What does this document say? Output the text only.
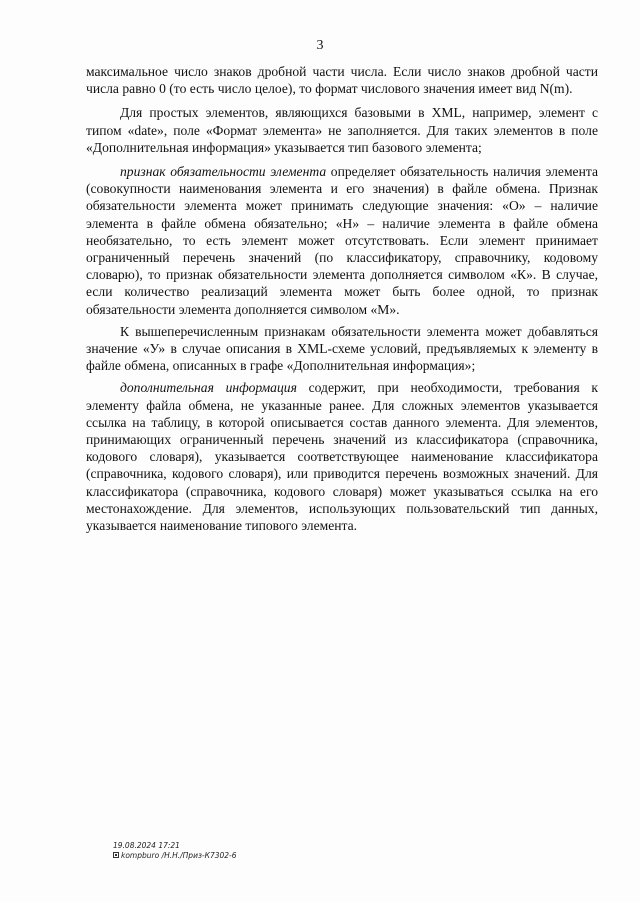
3

максимальное число знаков дробной части числа. Если число знаков дробной части числа равно 0 (то есть число целое), то формат числового значения имеет вид N(m).

Для простых элементов, являющихся базовыми в XML, например, элемент с типом «date», поле «Формат элемента» не заполняется. Для таких элементов в поле «Дополнительная информация» указывается тип базового элемента;

признак обязательности элемента определяет обязательность наличия элемента (совокупности наименования элемента и его значения) в файле обмена. Признак обязательности элемента может принимать следующие значения: «О» – наличие элемента в файле обмена обязательно; «Н» – наличие элемента в файле обмена необязательно, то есть элемент может отсутствовать. Если элемент принимает ограниченный перечень значений (по классификатору, справочнику, кодовому словарю), то признак обязательности элемента дополняется символом «К». В случае, если количество реализаций элемента может быть более одной, то признак обязательности элемента дополняется символом «М».

К вышеперечисленным признакам обязательности элемента может добавляться значение «У» в случае описания в XML-схеме условий, предъявляемых к элементу в файле обмена, описанных в графе «Дополнительная информация»;

дополнительная информация содержит, при необходимости, требования к элементу файла обмена, не указанные ранее. Для сложных элементов указывается ссылка на таблицу, в которой описывается состав данного элемента. Для элементов, принимающих ограниченный перечень значений из классификатора (справочника, кодового словаря), указывается соответствующее наименование классификатора (справочника, кодового словаря), или приводится перечень возможных значений. Для классификатора (справочника, кодового словаря) может указываться ссылка на его местонахождение. Для элементов, использующих пользовательский тип данных, указывается наименование типового элемента.

19.08.2024 17:21
kompburo /Н.Н./Приз-К7302-6
